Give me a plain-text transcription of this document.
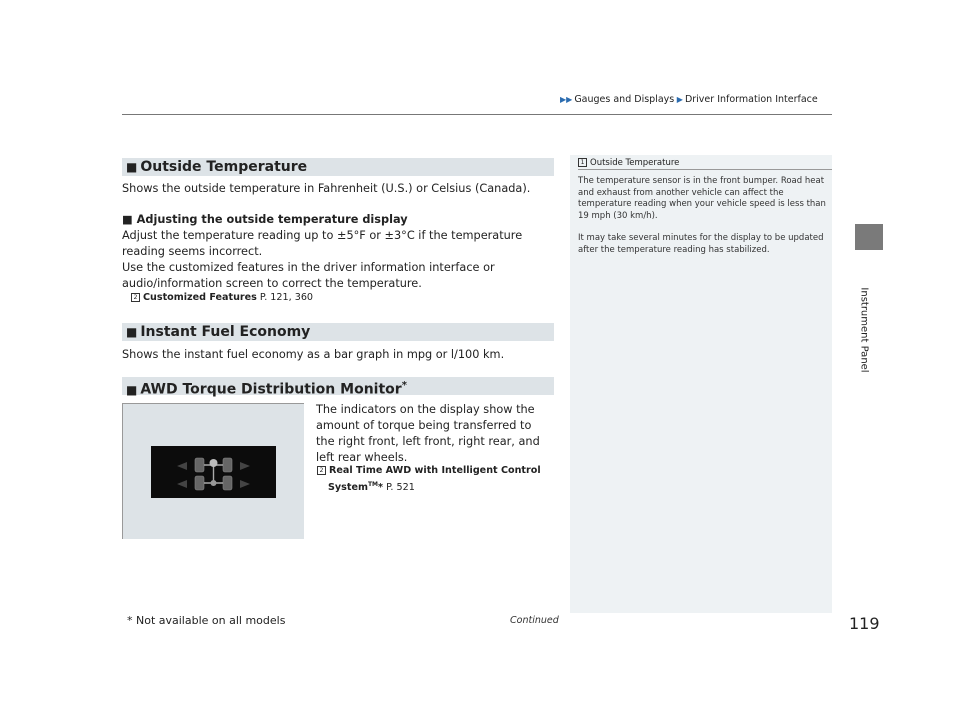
▶▶ Gauges and Displays ▶ Driver Information Interface
Instrument Panel
■ Outside Temperature
Shows the outside temperature in Fahrenheit (U.S.) or Celsius (Canada).
■ Adjusting the outside temperature display
Adjust the temperature reading up to ±5°F or ±3°C if the temperature reading seems incorrect.
Use the customized features in the driver information interface or audio/information screen to correct the temperature.
2 Customized Features P. 121, 360
■ Instant Fuel Economy
Shows the instant fuel economy as a bar graph in mpg or l/100 km.
■ AWD Torque Distribution Monitor*
The indicators on the display show the amount of torque being transferred to the right front, left front, right rear, and left rear wheels.
2 Real Time AWD with Intelligent Control
System™* P. 521
1 Outside Temperature
The temperature sensor is in the front bumper. Road heat and exhaust from another vehicle can affect the temperature reading when your vehicle speed is less than 19 mph (30 km/h).
It may take several minutes for the display to be updated after the temperature reading has stabilized.
* Not available on all models	Continued	119
